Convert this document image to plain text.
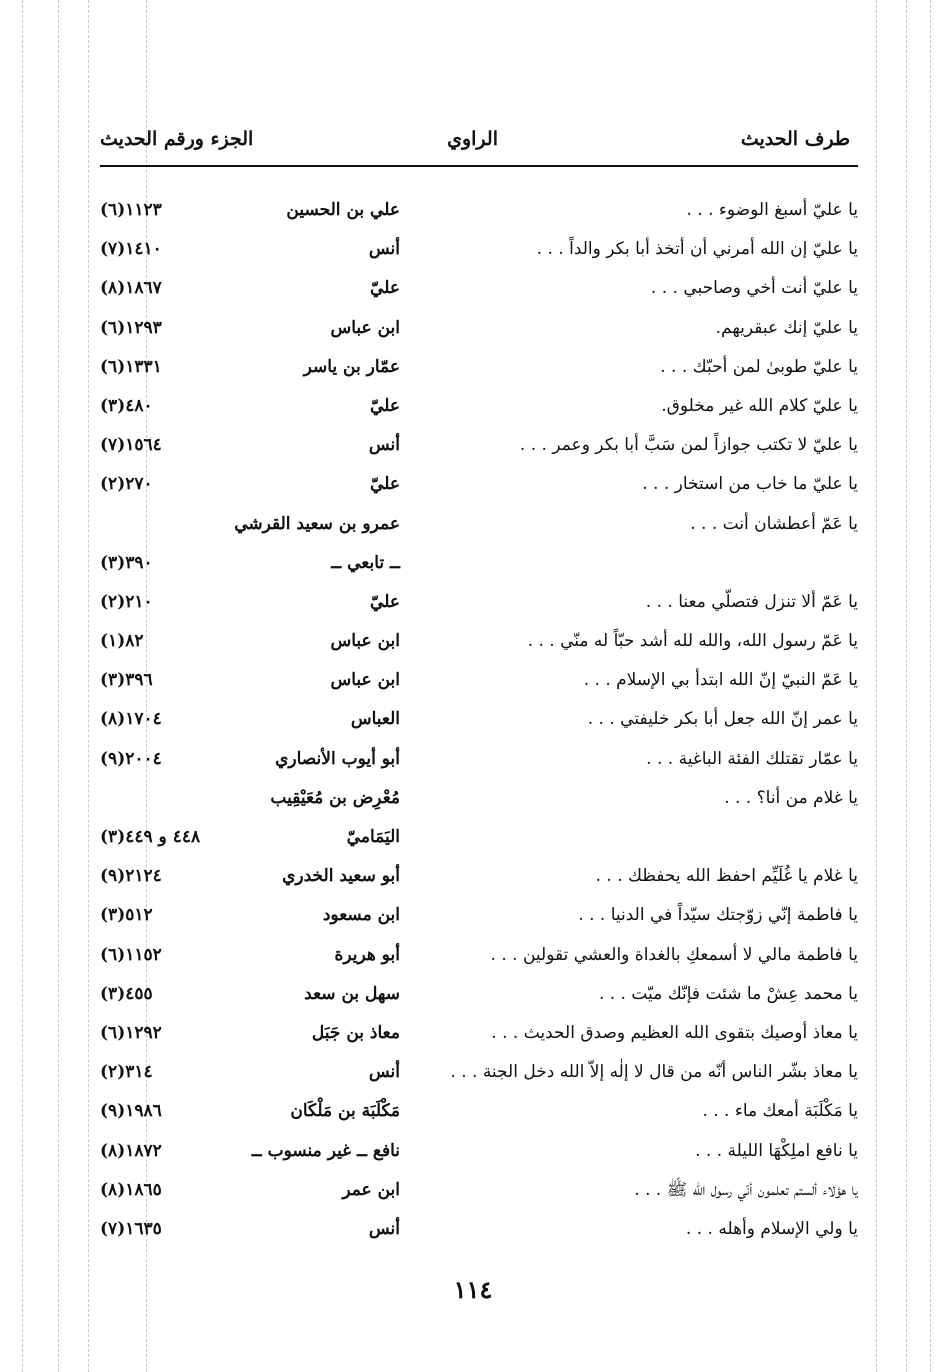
طرف الحديث
الراوي
الجزء ورقم الحديث
يا عليّ أسبغ الوضوء . . .
علي بن الحسين
(٦)١١٢٣
يا عليّ إن الله أمرني أن أتخذ أبا بكر والداً . . .
أنس
(٧)١٤١٠
يا عليّ أنت أخي وصاحبي . . .
عليّ
(٨)١٨٦٧
يا عليّ إنك عبقريهم.
ابن عباس
(٦)١٢٩٣
يا عليّ طوبىٰ لمن أحبّك . . .
عمّار بن ياسر
(٦)١٣٣١
يا عليّ كلام الله غير مخلوق.
عليّ
(٣)٤٨٠
يا عليّ لا تكتب جوازاً لمن سَبَّ أبا بكر وعمر . . .
أنس
(٧)١٥٦٤
يا عليّ ما خاب من استخار . . .
عليّ
(٢)٢٧٠
يا عَمّ أعطشان أنت . . .
عمرو بن سعيد القرشي
ــ تابعي ــ
(٣)٣٩٠
يا عَمّ ألا تنزل فتصلّي معنا . . .
عليّ
(٢)٢١٠
يا عَمّ رسول الله، والله لله أشد حبّاً له منّي . . .
ابن عباس
(١)٨٢
يا عَمّ النبيّ إنّ الله ابتدأ بي الإسلام . . .
ابن عباس
(٣)٣٩٦
يا عمر إنّ الله جعل أبا بكر خليفتي . . .
العباس
(٨)١٧٠٤
يا عمّار تقتلك الفئة الباغية . . .
أبو أيوب الأنصاري
(٩)٢٠٠٤
يا غلام من أنا؟ . . .
مُعْرِض بن مُعَيْقِيب
اليَمَاميّ
(٣)٤٤٨ و ٤٤٩
يا غلام يا غُلَيِّم احفظ الله يحفظك . . .
أبو سعيد الخدري
(٩)٢١٢٤
يا فاطمة إنّي زوّجتك سيّداً في الدنيا . . .
ابن مسعود
(٣)٥١٢
يا فاطمة مالي لا أسمعكِ بالغداة والعشي تقولين . . .
أبو هريرة
(٦)١١٥٢
يا محمد عِشْ ما شئت فإنّك ميّت . . .
سهل بن سعد
(٣)٤٥٥
يا معاذ أوصيك بتقوى الله العظيم وصدق الحديث . . .
معاذ بن جَبَل
(٦)١٢٩٢
يا معاذ بشّر الناس أنّه من قال لا إلٰه إلاّ الله دخل الجنة . . .
أنس
(٢)٣١٤
يا مَكْلَبَة أمعك ماء . . .
مَكْلَبَة بن مَلْكَان
(٩)١٩٨٦
يا نافع املِكْهَا الليلة . . .
نافع ــ غير منسوب ــ
(٨)١٨٧٢
يا هؤلاء ألستم تعلمون أنّي رسول الله ﷺ . . .
ابن عمر
(٨)١٨٦٥
يا ولي الإسلام وأهله . . .
أنس
(٧)١٦٣٥
١١٤
